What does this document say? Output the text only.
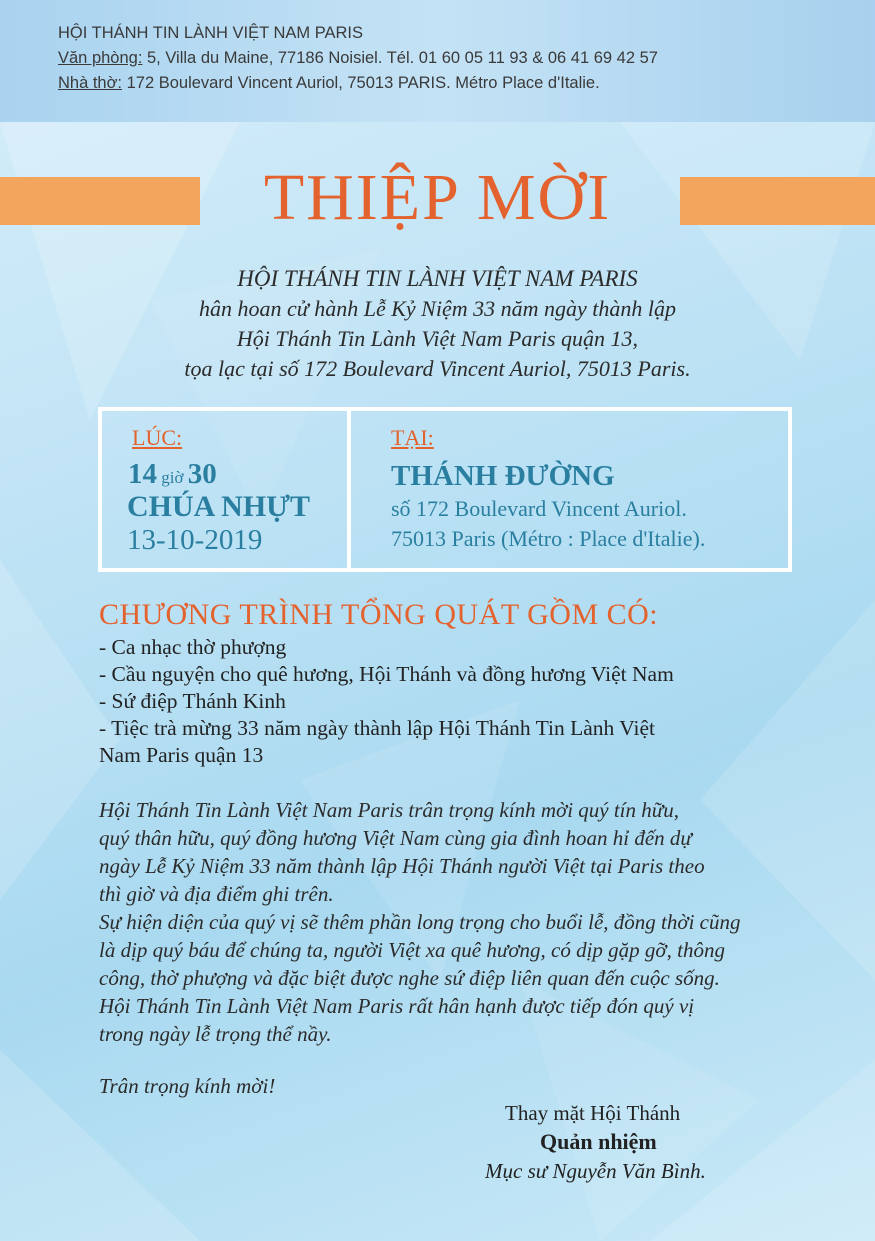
HỘI THÁNH TIN LÀNH VIỆT NAM PARIS
Văn phòng: 5, Villa du Maine, 77186 Noisiel. Tél. 01 60 05 11 93 & 06 41 69 42 57
Nhà thờ: 172 Boulevard Vincent Auriol, 75013 PARIS. Métro Place d'Italie.
THIỆP MỜI
HỘI THÁNH TIN LÀNH VIỆT NAM PARIS
hân hoan cử hành Lễ Kỷ Niệm 33 năm ngày thành lập
Hội Thánh Tin Lành Việt Nam Paris quận 13,
tọa lạc tại số 172 Boulevard Vincent Auriol, 75013 Paris.
LÚC:
14 giờ 30
CHÚA NHỰT
13-10-2019
TẠI:
THÁNH ĐƯỜNG
số 172 Boulevard Vincent Auriol.
75013 Paris (Métro : Place d'Italie).
CHƯƠNG TRÌNH TỔNG QUÁT GỒM CÓ:
- Ca nhạc thờ phượng
- Cầu nguyện cho quê hương, Hội Thánh và đồng hương Việt Nam
- Sứ điệp Thánh Kinh
- Tiệc trà mừng 33 năm ngày thành lập Hội Thánh Tin Lành Việt
Nam Paris quận 13
Hội Thánh Tin Lành Việt Nam Paris trân trọng kính mời quý tín hữu,
quý thân hữu, quý đồng hương Việt Nam cùng gia đình hoan hỉ đến dự
ngày Lễ Kỷ Niệm 33 năm thành lập Hội Thánh người Việt tại Paris theo
thì giờ và địa điểm ghi trên.
Sự hiện diện của quý vị sẽ thêm phần long trọng cho buổi lễ, đồng thời cũng
là dịp quý báu để chúng ta, người Việt xa quê hương, có dịp gặp gỡ, thông
công, thờ phượng và đặc biệt được nghe sứ điệp liên quan đến cuộc sống.
Hội Thánh Tin Lành Việt Nam Paris rất hân hạnh được tiếp đón quý vị
trong ngày lễ trọng thể nầy.
Trân trọng kính mời!
Thay mặt Hội Thánh
Quản nhiệm
Mục sư Nguyễn Văn Bình.
